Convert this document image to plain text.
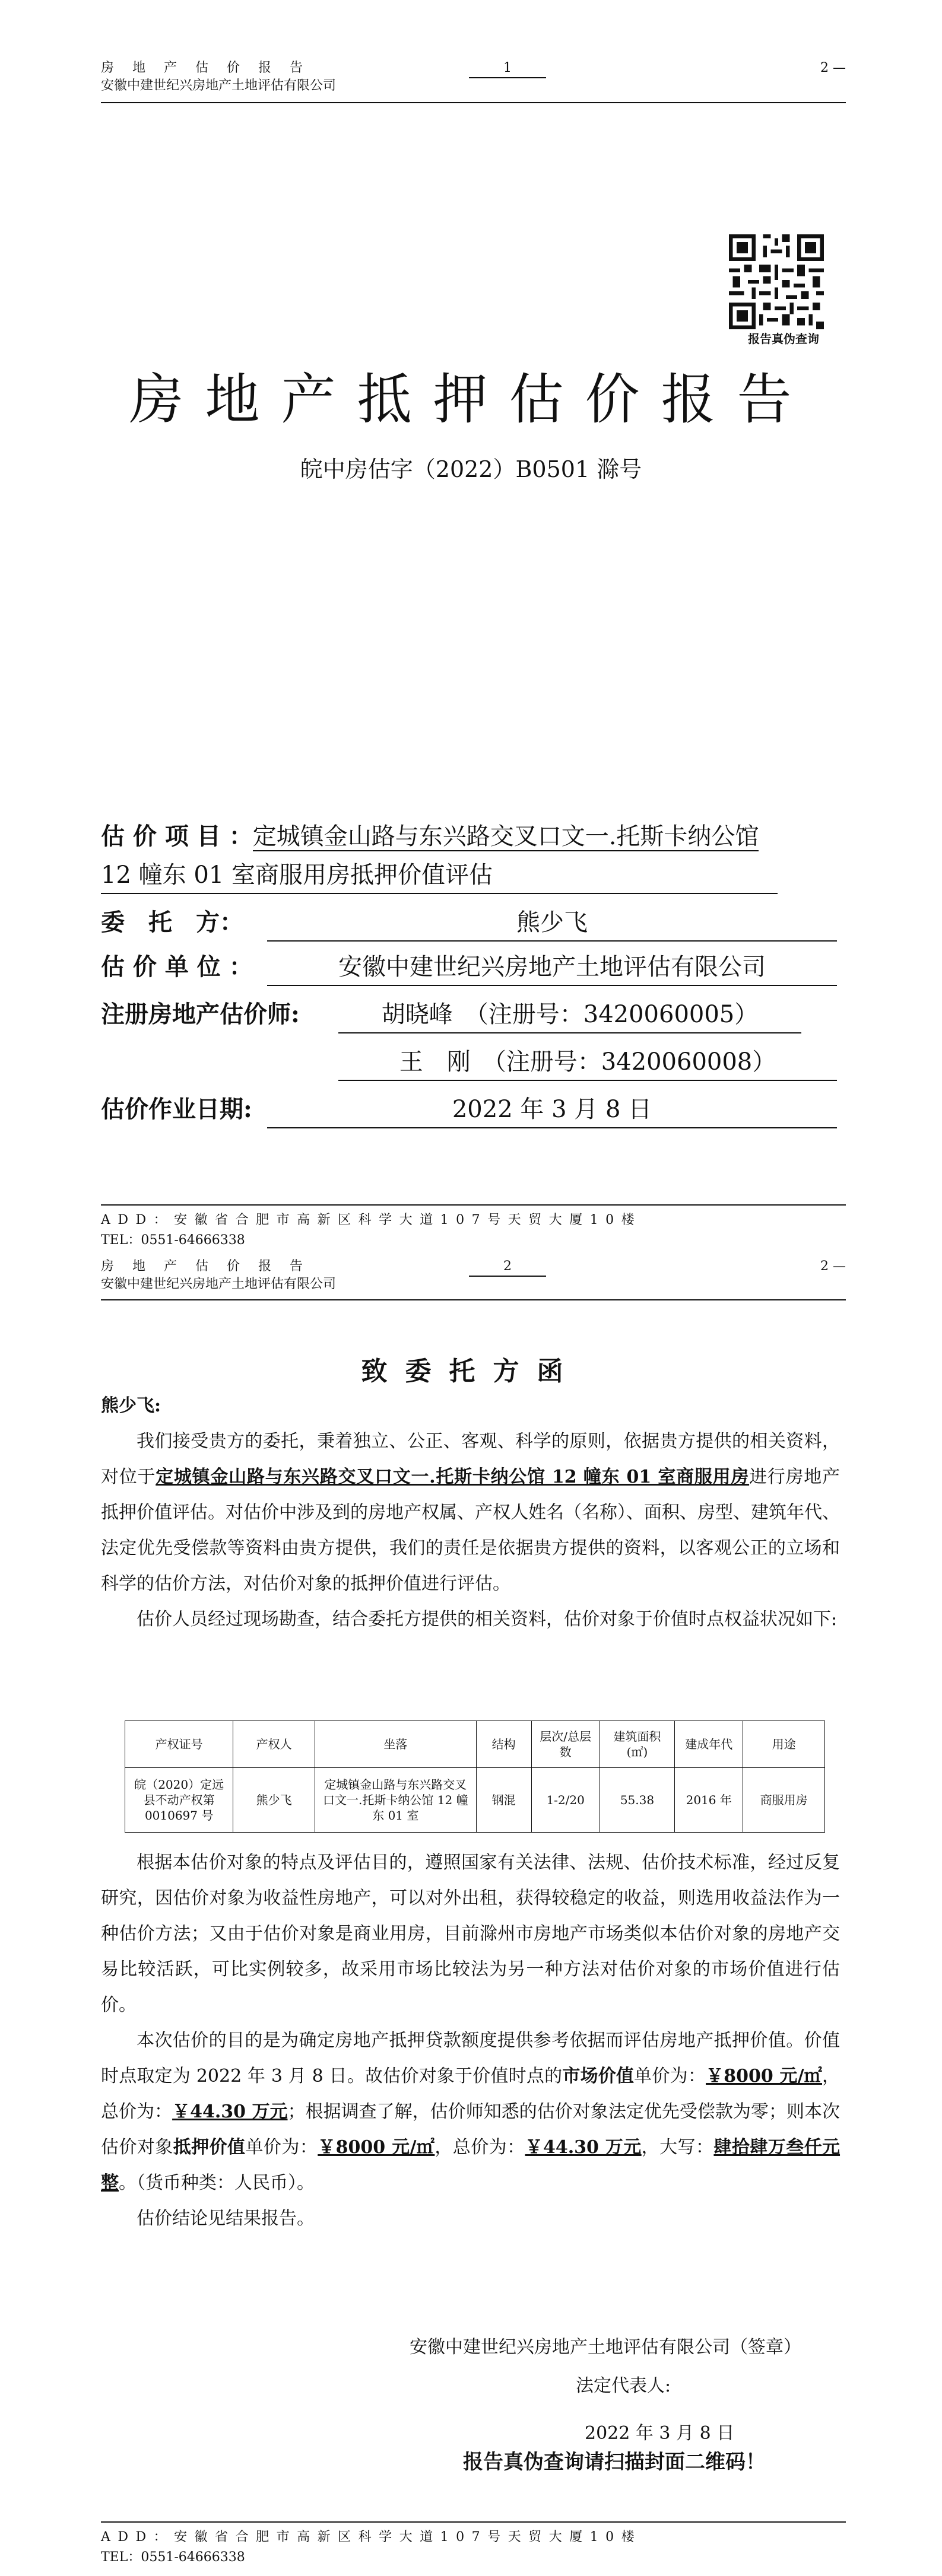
房 地 产 估 价 报 告
安徽中建世纪兴房地产土地评估有限公司
1	2 —
报告真伪查询
房地产抵押估价报告
皖中房估字（2022）B0501 滁号
估 价 项 目 ：定城镇金山路与东兴路交叉口文一.托斯卡纳公馆
12 幢东 01 室商服用房抵押价值评估
委　托　方：	熊少飞
估 价 单 位 ：	安徽中建世纪兴房地产土地评估有限公司
注册房地产估价师:	胡晓峰　（注册号：3420060005）
王　刚　（注册号：3420060008）
估价作业日期:	2022 年 3 月 8 日
ADD：安徽省合肥市高新区科学大道107号天贸大厦10楼
TEL：0551-64666338
房 地 产 估 价 报 告
安徽中建世纪兴房地产土地评估有限公司
2	2 —
致委托方函

熊少飞:

我们接受贵方的委托，秉着独立、公正、客观、科学的原则，依据贵方提供的相关资料，对位于定城镇金山路与东兴路交叉口文一.托斯卡纳公馆 12 幢东 01 室商服用房进行房地产抵押价值评估。对估价中涉及到的房地产权属、产权人姓名（名称）、面积、房型、建筑年代、法定优先受偿款等资料由贵方提供，我们的责任是依据贵方提供的资料，以客观公正的立场和科学的估价方法，对估价对象的抵押价值进行评估。

估价人员经过现场勘查，结合委托方提供的相关资料，估价对象于价值时点权益状况如下:

产权证号	产权人	坐落	结构	层次/总层数	建筑面积(㎡)	建成年代	用途
皖（2020）定远县不动产权第 0010697 号	熊少飞	定城镇金山路与东兴路交叉口文一.托斯卡纳公馆 12 幢东 01 室	钢混	1-2/20	55.38	2016 年	商服用房

根据本估价对象的特点及评估目的，遵照国家有关法律、法规、估价技术标准，经过反复研究，因估价对象为收益性房地产，可以对外出租，获得较稳定的收益，则选用收益法作为一种估价方法；又由于估价对象是商业用房，目前滁州市房地产市场类似本估价对象的房地产交易比较活跃，可比实例较多，故采用市场比较法为另一种方法对估价对象的市场价值进行估价。

本次估价的目的是为确定房地产抵押贷款额度提供参考依据而评估房地产抵押价值。价值时点取定为 2022 年 3 月 8 日。故估价对象于价值时点的市场价值单价为：￥8000 元/㎡，总价为：￥44.30 万元；根据调查了解，估价师知悉的估价对象法定优先受偿款为零；则本次估价对象抵押价值单价为：￥8000 元/㎡，总价为：￥44.30 万元，大写：肆拾肆万叁仟元整。（货币种类：人民币）。

估价结论见结果报告。

安徽中建世纪兴房地产土地评估有限公司（签章）
法定代表人:
2022 年 3 月 8 日
报告真伪查询请扫描封面二维码！
ADD：安徽省合肥市高新区科学大道107号天贸大厦10楼
TEL：0551-64666338
